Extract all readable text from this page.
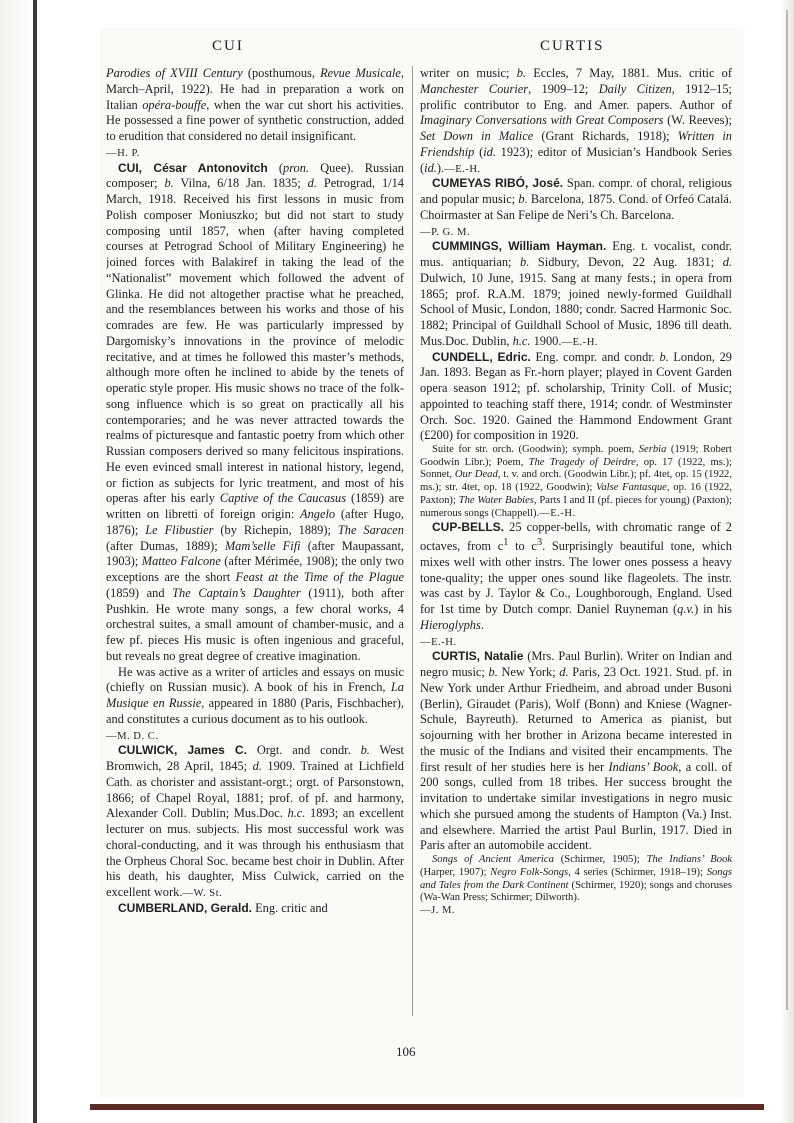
CUI	CURTIS

Parodies of XVIII Century (posthumous, Revue Musicale, March–April, 1922). He had in preparation a work on Italian opéra-bouffe, when the war cut short his activities. He possessed a fine power of synthetic construction, added to erudition that considered no detail insignificant.
—H. P.

CUI, César Antonovitch (pron. Quee). Russian composer; b. Vilna, 6/18 Jan. 1835; d. Petrograd, 1/14 March, 1918. Received his first lessons in music from Polish composer Moniuszko; but did not start to study composing until 1857, when (after having completed courses at Petrograd School of Military Engineering) he joined forces with Balakiref in taking the lead of the “Nationalist” movement which followed the advent of Glinka. He did not altogether practise what he preached, and the resemblances between his works and those of his comrades are few. He was particularly impressed by Dargomisky’s innovations in the province of melodic recitative, and at times he followed this master’s methods, although more often he inclined to abide by the tenets of operatic style proper. His music shows no trace of the folk-song influence which is so great on practically all his contemporaries; and he was never attracted towards the realms of picturesque and fantastic poetry from which other Russian composers derived so many felicitous inspirations. He even evinced small interest in national history, legend, or fiction as subjects for lyric treatment, and most of his operas after his early Captive of the Caucasus (1859) are written on libretti of foreign origin: Angelo (after Hugo, 1876); Le Flibustier (by Richepin, 1889); The Saracen (after Dumas, 1889); Mam’selle Fifi (after Maupassant, 1903); Matteo Falcone (after Mérimée, 1908); the only two exceptions are the short Feast at the Time of the Plague (1859) and The Captain’s Daughter (1911), both after Pushkin. He wrote many songs, a few choral works, 4 orchestral suites, a small amount of chamber-music, and a few pf. pieces His music is often ingenious and graceful, but reveals no great degree of creative imagination.

He was active as a writer of articles and essays on music (chiefly on Russian music). A book of his in French, La Musique en Russie, appeared in 1880 (Paris, Fischbacher), and constitutes a curious document as to his outlook.
—M. D. C.

CULWICK, James C. Orgt. and condr. b. West Bromwich, 28 April, 1845; d. 1909. Trained at Lichfield Cath. as chorister and assistant-orgt.; orgt. of Parsonstown, 1866; of Chapel Royal, 1881; prof. of pf. and harmony, Alexander Coll. Dublin; Mus.Doc. h.c. 1893; an excellent lecturer on mus. subjects. His most successful work was choral-conducting, and it was through his enthusiasm that the Orpheus Choral Soc. became best choir in Dublin. After his death, his daughter, Miss Culwick, carried on the excellent work.—W. St.

CUMBERLAND, Gerald. Eng. critic and

writer on music; b. Eccles, 7 May, 1881. Mus. critic of Manchester Courier, 1909–12; Daily Citizen, 1912–15; prolific contributor to Eng. and Amer. papers. Author of Imaginary Conversations with Great Composers (W. Reeves); Set Down in Malice (Grant Richards, 1918); Written in Friendship (id. 1923); editor of Musician’s Handbook Series (id.).—E.-H.

CUMEYAS RIBÓ, José. Span. compr. of choral, religious and popular music; b. Barcelona, 1875. Cond. of Orfeó Catalá. Choirmaster at San Felipe de Neri’s Ch. Barcelona.
—P. G. M.

CUMMINGS, William Hayman. Eng. t. vocalist, condr. mus. antiquarian; b. Sidbury, Devon, 22 Aug. 1831; d. Dulwich, 10 June, 1915. Sang at many fests.; in opera from 1865; prof. R.A.M. 1879; joined newly-formed Guildhall School of Music, London, 1880; condr. Sacred Harmonic Soc. 1882; Principal of Guildhall School of Music, 1896 till death. Mus.Doc. Dublin, h.c. 1900.—E.-H.

CUNDELL, Edric. Eng. compr. and condr. b. London, 29 Jan. 1893. Began as Fr.-horn player; played in Covent Garden opera season 1912; pf. scholarship, Trinity Coll. of Music; appointed to teaching staff there, 1914; condr. of Westminster Orch. Soc. 1920. Gained the Hammond Endowment Grant (£200) for composition in 1920.

Suite for str. orch. (Goodwin); symph. poem, Serbia (1919; Robert Goodwin Libr.); Poem, The Tragedy of Deirdre, op. 17 (1922, ms.); Sonnet, Our Dead, t. v. and orch. (Goodwin Libr.); pf. 4tet, op. 15 (1922, ms.); str. 4tet, op. 18 (1922, Goodwin); Valse Fantasque, op. 16 (1922, Paxton); The Water Babies, Parts I and II (pf. pieces for young) (Paxton); numerous songs (Chappell).—E.-H.

CUP-BELLS. 25 copper-bells, with chromatic range of 2 octaves, from $c^1$ to $c^3$. Surprisingly beautiful tone, which mixes well with other instrs. The lower ones possess a heavy tone-quality; the upper ones sound like flageolets. The instr. was cast by J. Taylor & Co., Loughborough, England. Used for 1st time by Dutch compr. Daniel Ruyneman (q.v.) in his Hieroglyphs.
—E.-H.

CURTIS, Natalie (Mrs. Paul Burlin). Writer on Indian and negro music; b. New York; d. Paris, 23 Oct. 1921. Stud. pf. in New York under Arthur Friedheim, and abroad under Busoni (Berlin), Giraudet (Paris), Wolf (Bonn) and Kniese (Wagner-Schule, Bayreuth). Returned to America as pianist, but sojourning with her brother in Arizona became interested in the music of the Indians and visited their encampments. The first result of her studies here is her Indians’ Book, a coll. of 200 songs, culled from 18 tribes. Her success brought the invitation to undertake similar investigations in negro music which she pursued among the students of Hampton (Va.) Inst. and elsewhere. Married the artist Paul Burlin, 1917. Died in Paris after an automobile accident.

Songs of Ancient America (Schirmer, 1905); The Indians’ Book (Harper, 1907); Negro Folk-Songs, 4 series (Schirmer, 1918–19); Songs and Tales from the Dark Continent (Schirmer, 1920); songs and choruses (Wa-Wan Press; Schirmer; Dilworth).
—J. M.

106
